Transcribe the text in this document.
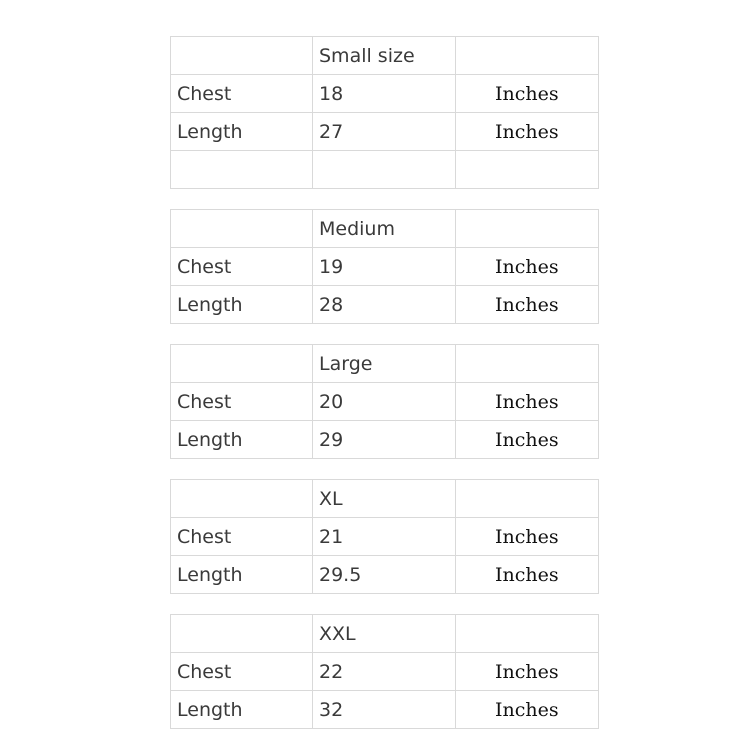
	Small size	
Chest	18	Inches
Length	27	Inches

	Medium	
Chest	19	Inches
Length	28	Inches
	Large	
Chest	20	Inches
Length	29	Inches
	XL	
Chest	21	Inches
Length	29.5	Inches
	XXL	
Chest	22	Inches
Length	32	Inches
